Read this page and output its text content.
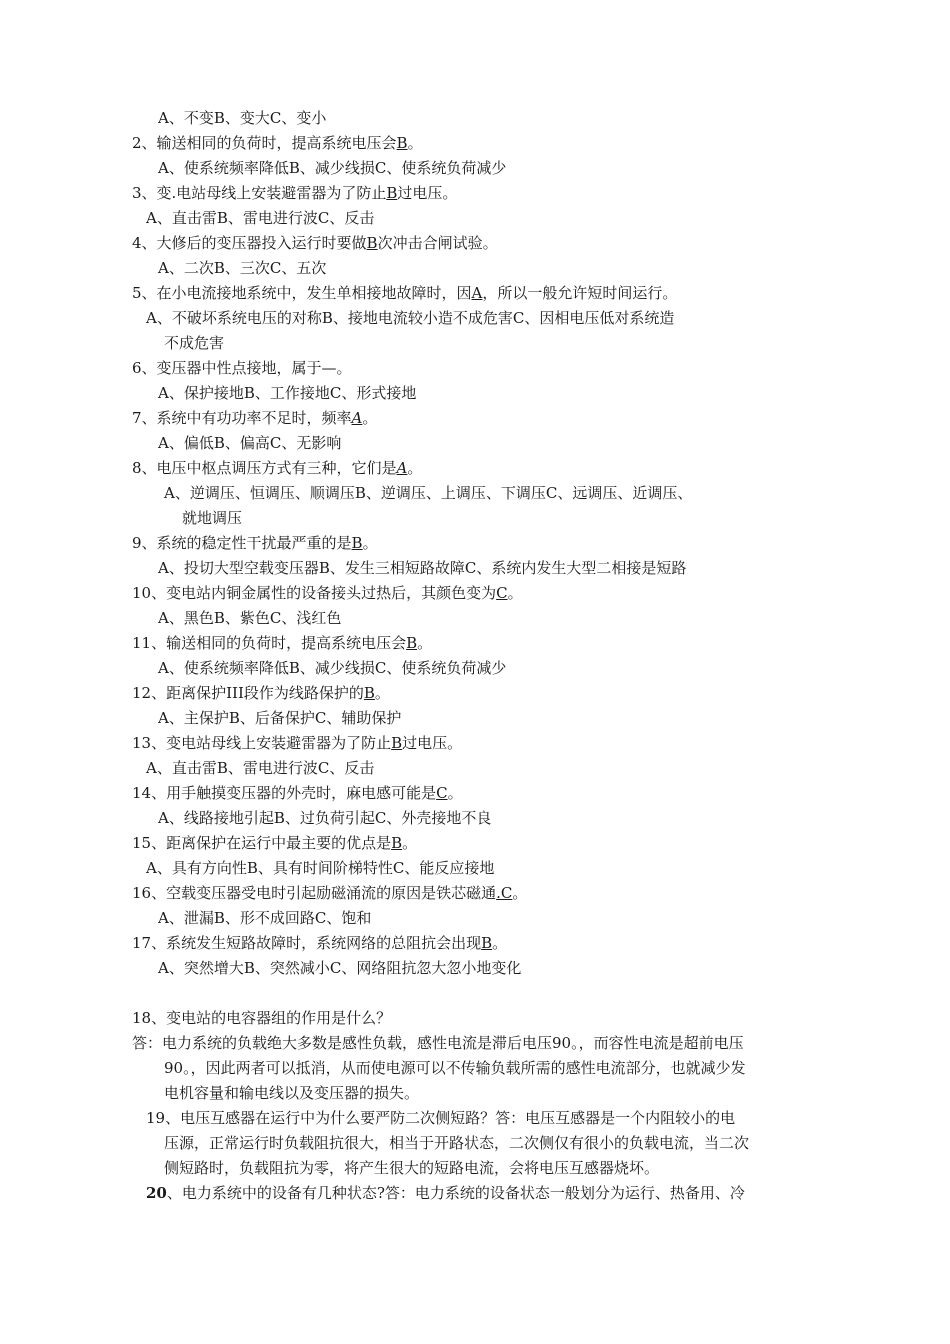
A、不变B、变大C、变小
2、输送相同的负荷时，提高系统电压会B。
A、使系统频率降低B、减少线损C、使系统负荷减少
3、变.电站母线上安装避雷器为了防止B过电压。
A、直击雷B、雷电进行波C、反击
4、大修后的变压器投入运行时要做B次冲击合闸试验。
A、二次B、三次C、五次
5、在小电流接地系统中，发生单相接地故障时，因A，所以一般允许短时间运行。
A、不破坏系统电压的对称B、接地电流较小造不成危害C、因相电压低对系统造
不成危害
6、变压器中性点接地，属于—。
A、保护接地B、工作接地C、形式接地
7、系统中有功功率不足时，频率A。
A、偏低B、偏高C、无影响
8、电压中枢点调压方式有三种，它们是A。
A、逆调压、恒调压、顺调压B、逆调压、上调压、下调压C、远调压、近调压、
就地调压
9、系统的稳定性干扰最严重的是B。
A、投切大型空载变压器B、发生三相短路故障C、系统内发生大型二相接是短路
10、变电站内铜金属性的设备接头过热后，其颜色变为C。
A、黑色B、紫色C、浅红色
11、输送相同的负荷时，提高系统电压会B。
A、使系统频率降低B、减少线损C、使系统负荷减少
12、距离保护III段作为线路保护的B。
A、主保护B、后备保护C、辅助保护
13、变电站母线上安装避雷器为了防止B过电压。
A、直击雷B、雷电进行波C、反击
14、用手触摸变压器的外壳时，麻电感可能是C。
A、线路接地引起B、过负荷引起C、外壳接地不良
15、距离保护在运行中最主要的优点是B。
A、具有方向性B、具有时间阶梯特性C、能反应接地
16、空载变压器受电时引起励磁涌流的原因是铁芯磁通.C。
A、泄漏B、形不成回路C、饱和
17、系统发生短路故障时，系统网络的总阻抗会出现B。
A、突然增大B、突然减小C、网络阻抗忽大忽小地变化
18、变电站的电容器组的作用是什么？
答：电力系统的负载绝大多数是感性负载，感性电流是滞后电压90。，而容性电流是超前电压
90。，因此两者可以抵消，从而使电源可以不传输负载所需的感性电流部分，也就减少发
电机容量和输电线以及变压器的损失。
19、电压互感器在运行中为什么要严防二次侧短路？答：电压互感器是一个内阻较小的电
压源，正常运行时负载阻抗很大，相当于开路状态，二次侧仅有很小的负载电流，当二次
侧短路时，负载阻抗为零，将产生很大的短路电流，会将电压互感器烧坏。
20、电力系统中的设备有几种状态?答：电力系统的设备状态一般划分为运行、热备用、冷
